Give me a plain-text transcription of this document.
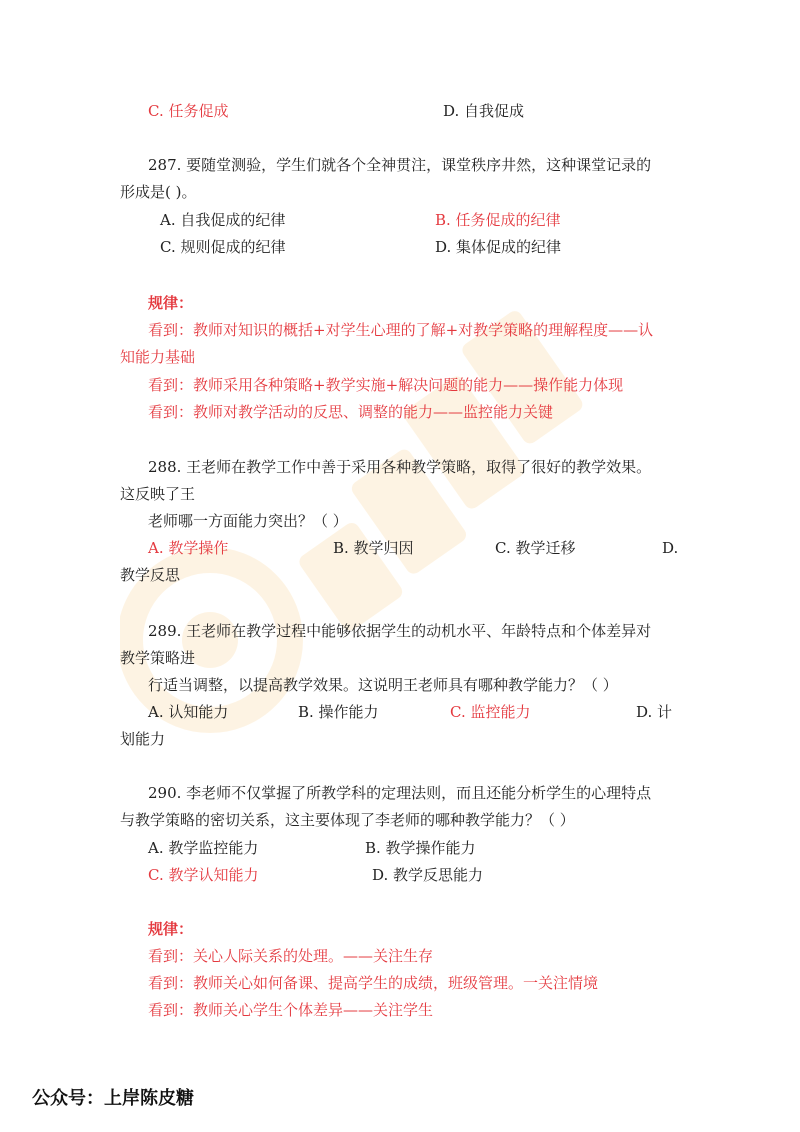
C. 任务促成	D. 自我促成
287. 要随堂测验，学生们就各个全神贯注，课堂秩序井然，这种课堂记录的
形成是( )。
A. 自我促成的纪律	B. 任务促成的纪律
C. 规则促成的纪律	D. 集体促成的纪律
规律：
看到：教师对知识的概括+对学生心理的了解+对教学策略的理解程度——认
知能力基础
看到：教师采用各种策略+教学实施+解决问题的能力——操作能力体现
看到：教师对教学活动的反思、调整的能力——监控能力关键
288. 王老师在教学工作中善于采用各种教学策略，取得了很好的教学效果。
这反映了王
老师哪一方面能力突出？（ ）
A. 教学操作	B. 教学归因	C. 教学迁移	D.
教学反思
289. 王老师在教学过程中能够依据学生的动机水平、年龄特点和个体差异对
教学策略进
行适当调整，以提高教学效果。这说明王老师具有哪种教学能力？（ ）
A. 认知能力	B. 操作能力	C. 监控能力	D. 计
划能力
290. 李老师不仅掌握了所教学科的定理法则，而且还能分析学生的心理特点
与教学策略的密切关系，这主要体现了李老师的哪种教学能力？（ ）
A. 教学监控能力	B. 教学操作能力
C. 教学认知能力	D. 教学反思能力
规律：
看到：关心人际关系的处理。——关注生存
看到：教师关心如何备课、提高学生的成绩，班级管理。一关注情境
看到：教师关心学生个体差异——关注学生
公众号：上岸陈皮糖
